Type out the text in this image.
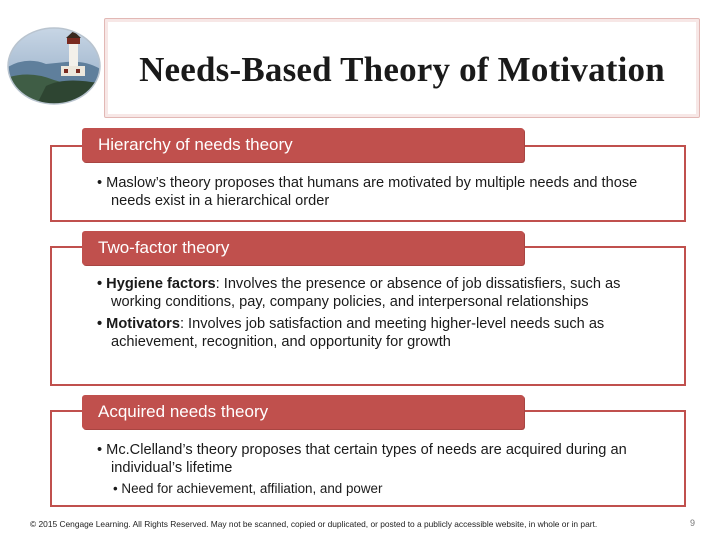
Needs-Based Theory of Motivation
Hierarchy of needs theory
• Maslow’s theory proposes that humans are motivated by multiple needs and those needs exist in a hierarchical order
Two-factor theory
• Hygiene factors: Involves the presence or absence of job dissatisfiers, such as working conditions, pay, company policies, and interpersonal relationships
• Motivators: Involves job satisfaction and meeting higher-level needs such as achievement, recognition, and opportunity for growth
Acquired needs theory
• Mc.Clelland’s theory proposes that certain types of needs are acquired during an individual’s lifetime
• Need for achievement, affiliation, and power
© 2015 Cengage Learning. All Rights Reserved. May not be scanned, copied or duplicated, or posted to a publicly accessible website, in whole or in part.	9
